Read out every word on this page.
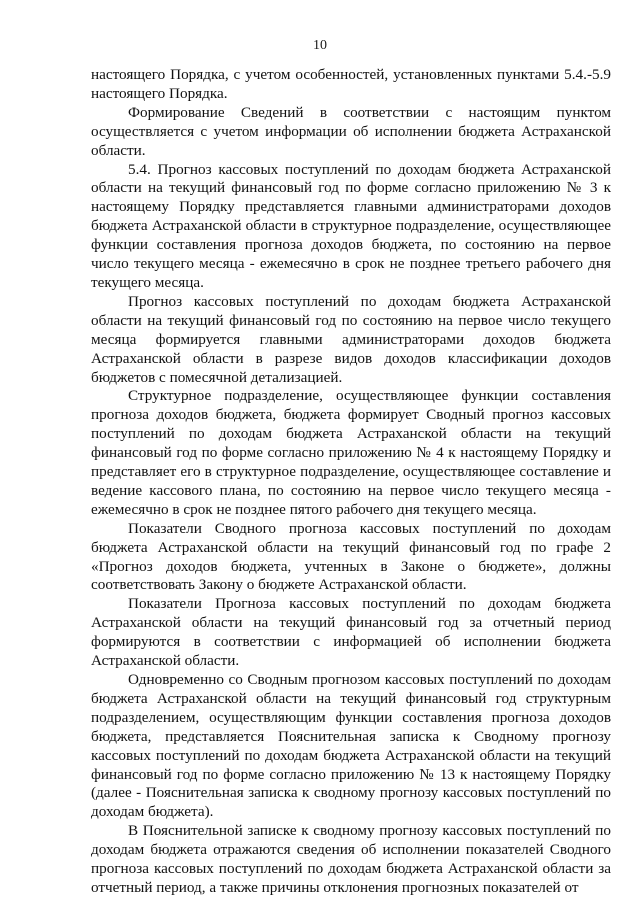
10

настоящего Порядка, с учетом особенностей, установленных пунктами 5.4.-5.9 настоящего Порядка.

Формирование Сведений в соответствии с настоящим пунктом осуществляется с учетом информации об исполнении бюджета Астраханской области.

5.4. Прогноз кассовых поступлений по доходам бюджета Астраханской области на текущий финансовый год по форме согласно приложению № 3 к настоящему Порядку представляется главными администраторами доходов бюджета Астраханской области в структурное подразделение, осуществляющее функции составления прогноза доходов бюджета, по состоянию на первое число текущего месяца - ежемесячно в срок не позднее третьего рабочего дня текущего месяца.

Прогноз кассовых поступлений по доходам бюджета Астраханской области на текущий финансовый год по состоянию на первое число текущего месяца формируется главными администраторами доходов бюджета Астраханской области в разрезе видов доходов классификации доходов бюджетов с помесячной детализацией.

Структурное подразделение, осуществляющее функции составления прогноза доходов бюджета, бюджета формирует Сводный прогноз кассовых поступлений по доходам бюджета Астраханской области на текущий финансовый год по форме согласно приложению № 4 к настоящему Порядку и представляет его в структурное подразделение, осуществляющее составление и ведение кассового плана, по состоянию на первое число текущего месяца - ежемесячно в срок не позднее пятого рабочего дня текущего месяца.

Показатели Сводного прогноза кассовых поступлений по доходам бюджета Астраханской области на текущий финансовый год по графе 2 «Прогноз доходов бюджета, учтенных в Законе о бюджете», должны соответствовать Закону о бюджете Астраханской области.

Показатели Прогноза кассовых поступлений по доходам бюджета Астраханской области на текущий финансовый год за отчетный период формируются в соответствии с информацией об исполнении бюджета Астраханской области.

Одновременно со Сводным прогнозом кассовых поступлений по доходам бюджета Астраханской области на текущий финансовый год структурным подразделением, осуществляющим функции составления прогноза доходов бюджета, представляется Пояснительная записка к Сводному прогнозу кассовых поступлений по доходам бюджета Астраханской области на текущий финансовый год по форме согласно приложению № 13 к настоящему Порядку (далее - Пояснительная записка к сводному прогнозу кассовых поступлений по доходам бюджета).

В Пояснительной записке к сводному прогнозу кассовых поступлений по доходам бюджета отражаются сведения об исполнении показателей Сводного прогноза кассовых поступлений по доходам бюджета Астраханской области за отчетный период, а также причины отклонения прогнозных показателей от
